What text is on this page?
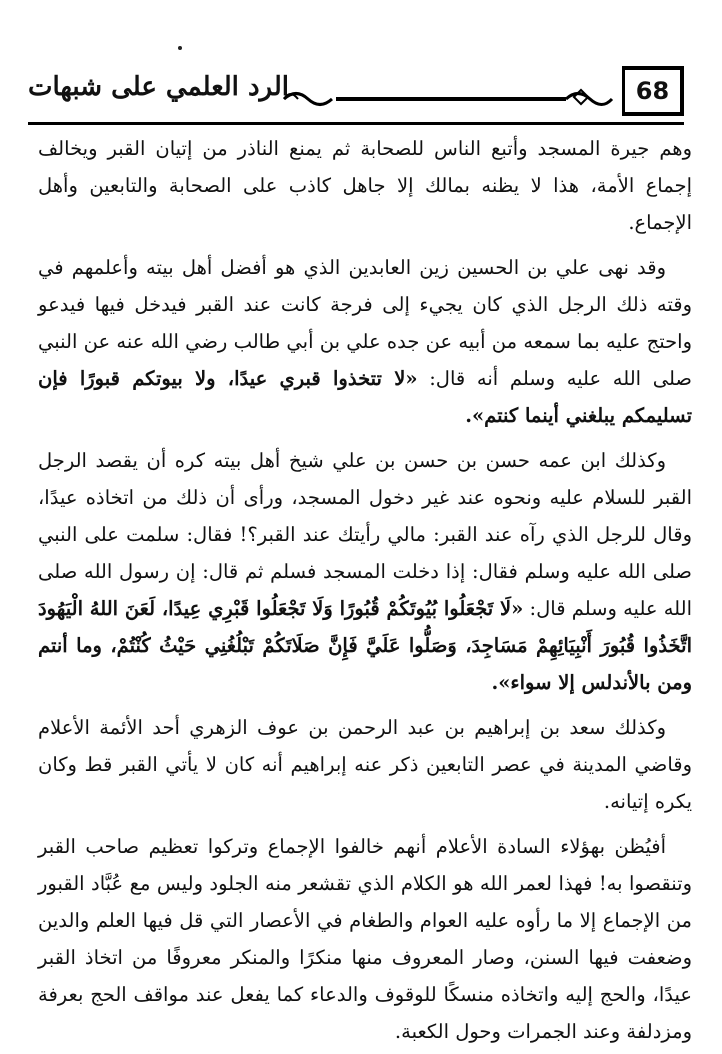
68
الرد العلمي على شبهات

وهم جيرة المسجد وأتبع الناس للصحابة ثم يمنع الناذر من إتيان القبر ويخالف إجماع الأمة، هذا لا يظنه بمالك إلا جاهل كاذب على الصحابة والتابعين وأهل الإجماع.

وقد نهى علي بن الحسين زين العابدين الذي هو أفضل أهل بيته وأعلمهم في وقته ذلك الرجل الذي كان يجيء إلى فرجة كانت عند القبر فيدخل فيها فيدعو واحتج عليه بما سمعه من أبيه عن جده علي بن أبي طالب رضي الله عنه عن النبي صلى الله عليه وسلم أنه قال: «لا تتخذوا قبري عيدًا، ولا بيوتكم قبورًا فإن تسليمكم يبلغني أينما كنتم».

وكذلك ابن عمه حسن بن حسن بن علي شيخ أهل بيته كره أن يقصد الرجل القبر للسلام عليه ونحوه عند غير دخول المسجد، ورأى أن ذلك من اتخاذه عيدًا، وقال للرجل الذي رآه عند القبر: مالي رأيتك عند القبر؟! فقال: سلمت على النبي صلى الله عليه وسلم فقال: إذا دخلت المسجد فسلم ثم قال: إن رسول الله صلى الله عليه وسلم قال: «لَا تَجْعَلُوا بُيُوتَكُمْ قُبُورًا وَلَا تَجْعَلُوا قَبْرِي عِيدًا، لَعَنَ اللهُ الْيَهُودَ اتَّخَذُوا قُبُورَ أَنْبِيَائِهِمْ مَسَاجِدَ، وَصَلُّوا عَلَيَّ فَإِنَّ صَلَاتَكُمْ تَبْلُغُنِي حَيْثُ كُنْتُمْ، وما أنتم ومن بالأندلس إلا سواء».

وكذلك سعد بن إبراهيم بن عبد الرحمن بن عوف الزهري أحد الأئمة الأعلام وقاضي المدينة في عصر التابعين ذكر عنه إبراهيم أنه كان لا يأتي القبر قط وكان يكره إتيانه.

أفيُظن بهؤلاء السادة الأعلام أنهم خالفوا الإجماع وتركوا تعظيم صاحب القبر وتنقصوا به! فهذا لعمر الله هو الكلام الذي تقشعر منه الجلود وليس مع عُبَّاد القبور من الإجماع إلا ما رأوه عليه العوام والطغام في الأعصار التي قل فيها العلم والدين وضعفت فيها السنن، وصار المعروف منها منكرًا والمنكر معروفًا من اتخاذ القبر عيدًا، والحج إليه واتخاذه منسكًا للوقوف والدعاء كما يفعل عند مواقف الحج بعرفة ومزدلفة وعند الجمرات وحول الكعبة.
